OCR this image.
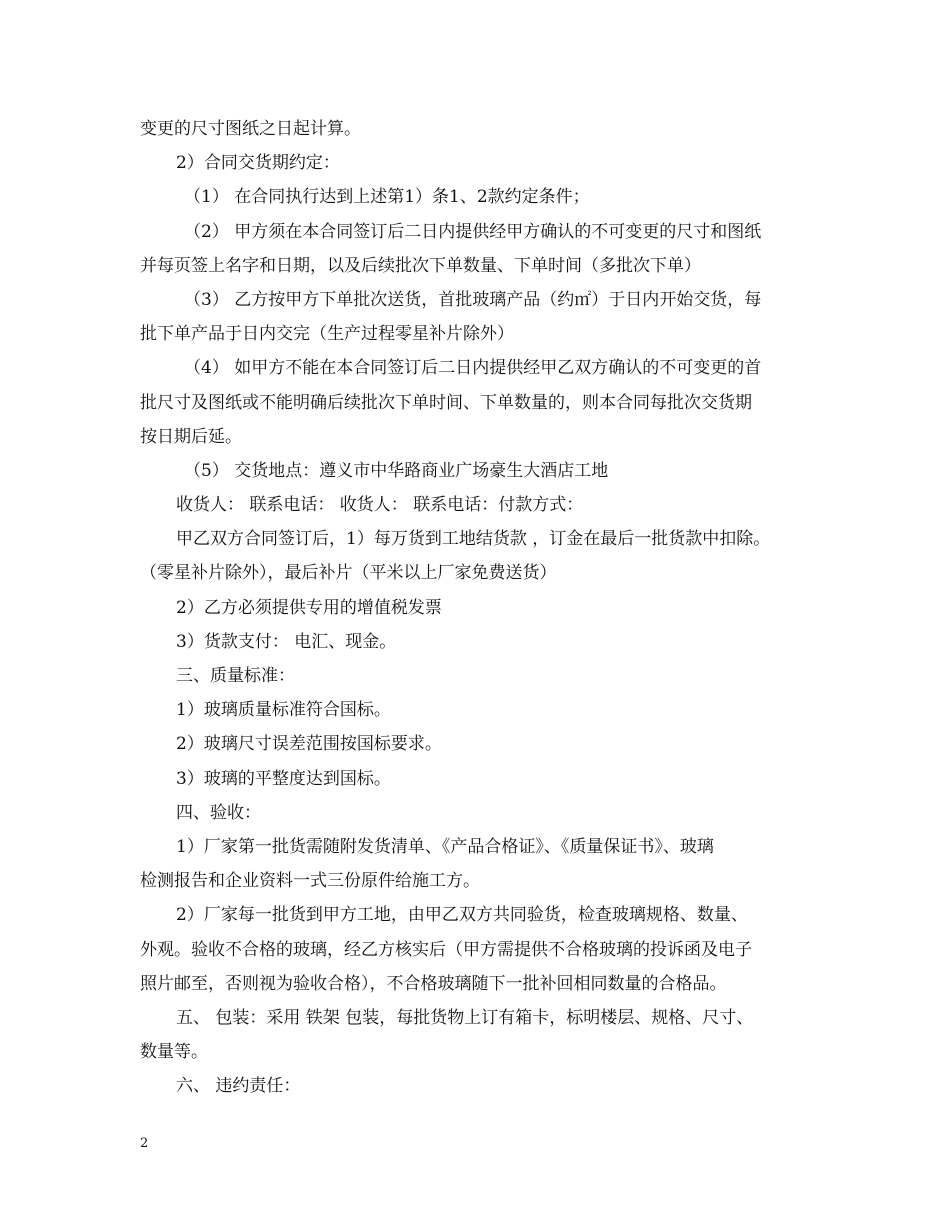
变更的尺寸图纸之日起计算。
2）合同交货期约定：
（1） 在合同执行达到上述第1）条1、2款约定条件；
（2） 甲方须在本合同签订后二日内提供经甲方确认的不可变更的尺寸和图纸
并每页签上名字和日期，以及后续批次下单数量、下单时间（多批次下单）
（3） 乙方按甲方下单批次送货，首批玻璃产品（约㎡）于日内开始交货，每
批下单产品于日内交完（生产过程零星补片除外）
（4） 如甲方不能在本合同签订后二日内提供经甲乙双方确认的不可变更的首
批尺寸及图纸或不能明确后续批次下单时间、下单数量的，则本合同每批次交货期
按日期后延。
（5） 交货地点：遵义市中华路商业广场豪生大酒店工地
收货人： 联系电话： 收货人： 联系电话：付款方式：
甲乙双方合同签订后，1）每万货到工地结货款 ，订金在最后一批货款中扣除。
（零星补片除外），最后补片（平米以上厂家免费送货）
2）乙方必须提供专用的增值税发票
3）货款支付： 电汇、现金。
三、质量标准：
1）玻璃质量标准符合国标。
2）玻璃尺寸误差范围按国标要求。
3）玻璃的平整度达到国标。
四、验收：
1）厂家第一批货需随附发货清单、《产品合格证》、《质量保证书》、玻璃
检测报告和企业资料一式三份原件给施工方。
2）厂家每一批货到甲方工地，由甲乙双方共同验货，检查玻璃规格、数量、
外观。验收不合格的玻璃，经乙方核实后（甲方需提供不合格玻璃的投诉函及电子
照片邮至，否则视为验收合格），不合格玻璃随下一批补回相同数量的合格品。
五、 包装：采用 铁架 包装，每批货物上订有箱卡，标明楼层、规格、尺寸、
数量等。
六、 违约责任：
2
